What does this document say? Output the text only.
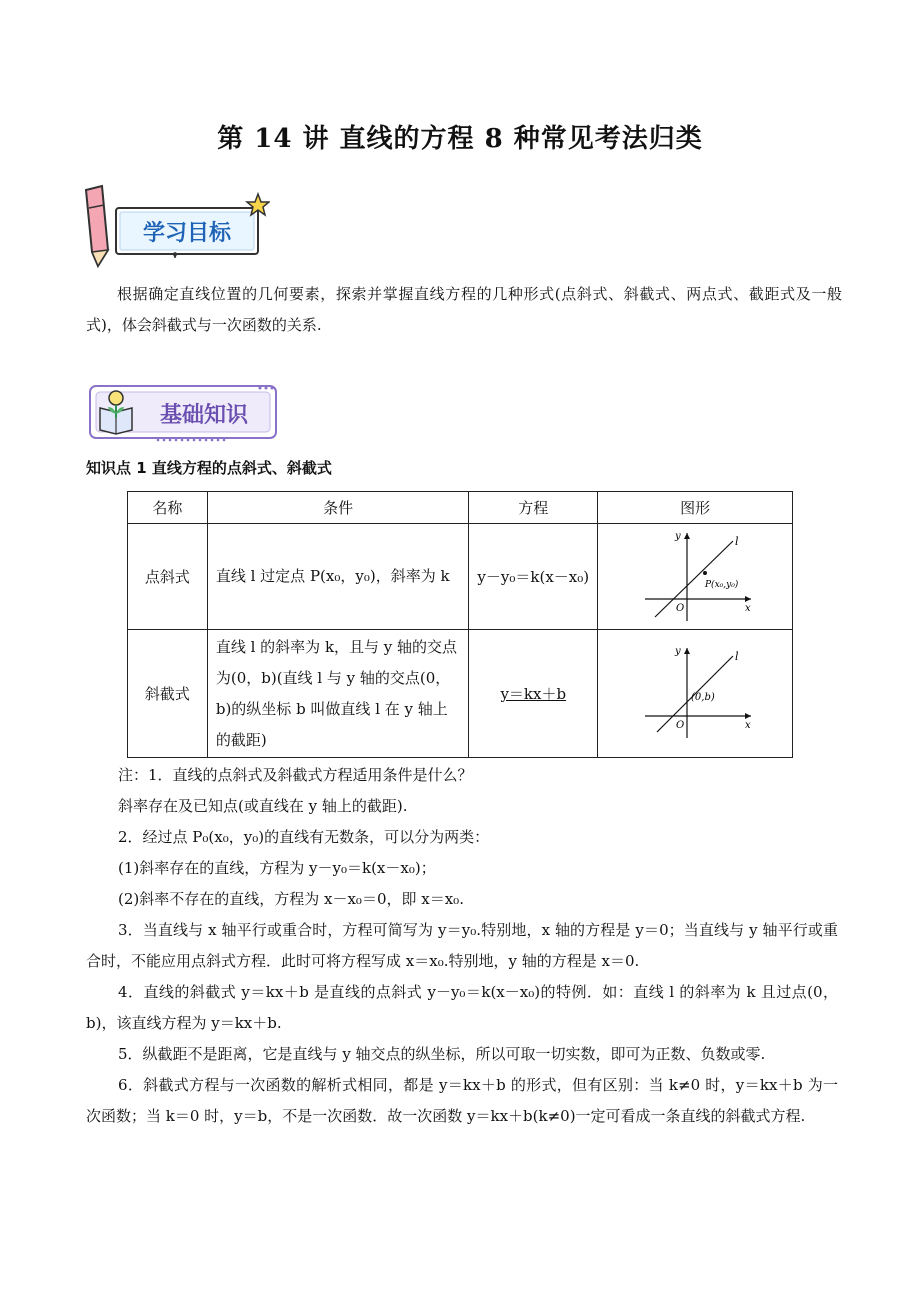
第 14 讲 直线的方程 8 种常见考法归类
学习目标
根据确定直线位置的几何要素，探索并掌握直线方程的几种形式(点斜式、斜截式、两点式、截距式及一般式)，体会斜截式与一次函数的关系.
基础知识
知识点 1 直线方程的点斜式、斜截式
名称	条件	方程	图形
点斜式	直线 l 过定点 P(x₀，y₀)，斜率为 k	y－y₀＝k(x－x₀)	y l
P(x₀,y₀)
O x

斜截式	直线 l 的斜率为 k，且与 y 轴的交点为(0，b)(直线 l 与 y 轴的交点(0，b)的纵坐标 b 叫做直线 l 在 y 轴上的截距)	y＝kx＋b	y l
(0,b)
O x

注：1．直线的点斜式及斜截式方程适用条件是什么？

斜率存在及已知点(或直线在 y 轴上的截距).

2．经过点 P₀(x₀，y₀)的直线有无数条，可以分为两类：

(1)斜率存在的直线，方程为 y－y₀＝k(x－x₀)；

(2)斜率不存在的直线，方程为 x－x₀＝0，即 x＝x₀.

3．当直线与 x 轴平行或重合时，方程可简写为 y＝y₀.特别地，x 轴的方程是 y＝0；当直线与 y 轴平行或重合时，不能应用点斜式方程．此时可将方程写成 x＝x₀.特别地，y 轴的方程是 x＝0.

4．直线的斜截式 y＝kx＋b 是直线的点斜式 y－y₀＝k(x－x₀)的特例．如：直线 l 的斜率为 k 且过点(0，b)，该直线方程为 y＝kx＋b.

5．纵截距不是距离，它是直线与 y 轴交点的纵坐标，所以可取一切实数，即可为正数、负数或零.

6．斜截式方程与一次函数的解析式相同，都是 y＝kx＋b 的形式，但有区别：当 k≠0 时，y＝kx＋b 为一次函数；当 k＝0 时，y＝b，不是一次函数．故一次函数 y＝kx＋b(k≠0)一定可看成一条直线的斜截式方程.
